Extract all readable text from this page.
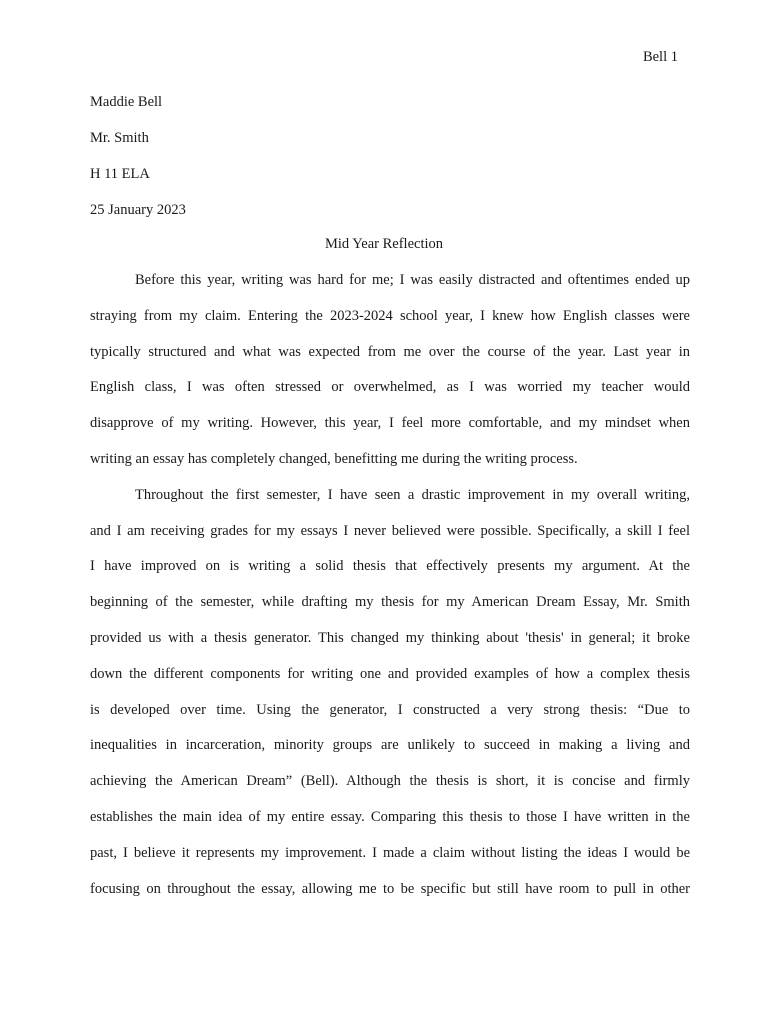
Bell 1
Maddie Bell
Mr. Smith
H 11 ELA
25 January 2023
Mid Year Reflection
Before this year, writing was hard for me; I was easily distracted and oftentimes ended up
straying from my claim. Entering the 2023-2024 school year, I knew how English classes were
typically structured and what was expected from me over the course of the year. Last year in
English class, I was often stressed or overwhelmed, as I was worried my teacher would
disapprove of my writing. However, this year, I feel more comfortable, and my mindset when
writing an essay has completely changed, benefitting me during the writing process.
Throughout the first semester, I have seen a drastic improvement in my overall writing,
and I am receiving grades for my essays I never believed were possible. Specifically, a skill I feel
I have improved on is writing a solid thesis that effectively presents my argument. At the
beginning of the semester, while drafting my thesis for my American Dream Essay, Mr. Smith
provided us with a thesis generator. This changed my thinking about 'thesis' in general; it broke
down the different components for writing one and provided examples of how a complex thesis
is developed over time. Using the generator, I constructed a very strong thesis: “Due to
inequalities in incarceration, minority groups are unlikely to succeed in making a living and
achieving the American Dream” (Bell). Although the thesis is short, it is concise and firmly
establishes the main idea of my entire essay. Comparing this thesis to those I have written in the
past, I believe it represents my improvement. I made a claim without listing the ideas I would be
focusing on throughout the essay, allowing me to be specific but still have room to pull in other
